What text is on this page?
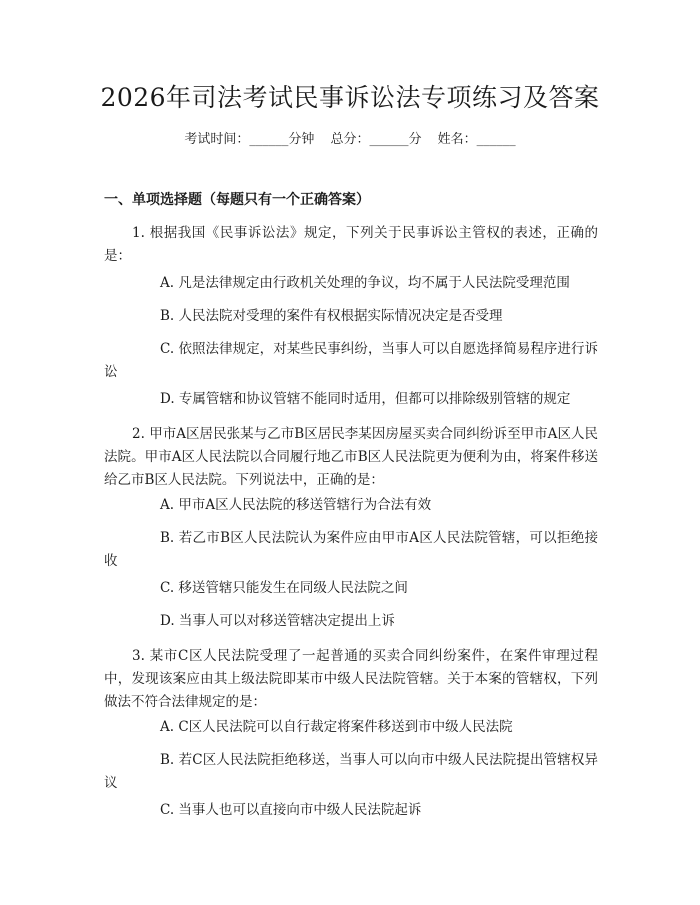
2026年司法考试民事诉讼法专项练习及答案
考试时间：______分钟 总分：______分 姓名：______
一、单项选择题（每题只有一个正确答案）
1. 根据我国《民事诉讼法》规定，下列关于民事诉讼主管权的表述，正确的是：
A. 凡是法律规定由行政机关处理的争议，均不属于人民法院受理范围
B. 人民法院对受理的案件有权根据实际情况决定是否受理
C. 依照法律规定，对某些民事纠纷，当事人可以自愿选择简易程序进行诉讼
D. 专属管辖和协议管辖不能同时适用，但都可以排除级别管辖的规定
2. 甲市A区居民张某与乙市B区居民李某因房屋买卖合同纠纷诉至甲市A区人民法院。甲市A区人民法院以合同履行地乙市B区人民法院更为便利为由，将案件移送给乙市B区人民法院。下列说法中，正确的是：
A. 甲市A区人民法院的移送管辖行为合法有效
B. 若乙市B区人民法院认为案件应由甲市A区人民法院管辖，可以拒绝接收
C. 移送管辖只能发生在同级人民法院之间
D. 当事人可以对移送管辖决定提出上诉
3. 某市C区人民法院受理了一起普通的买卖合同纠纷案件，在案件审理过程中，发现该案应由其上级法院即某市中级人民法院管辖。关于本案的管辖权，下列做法不符合法律规定的是：
A. C区人民法院可以自行裁定将案件移送到市中级人民法院
B. 若C区人民法院拒绝移送，当事人可以向市中级人民法院提出管辖权异议
C. 当事人也可以直接向市中级人民法院起诉
